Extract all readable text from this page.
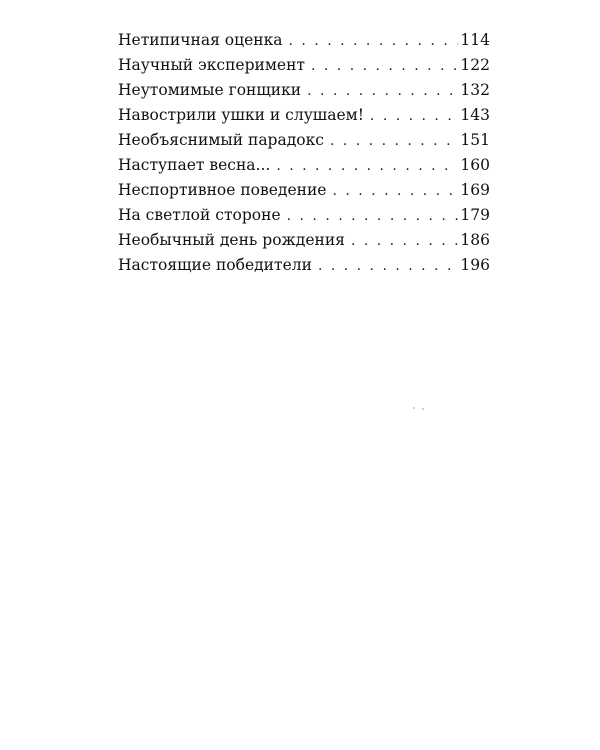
Нетипичная оценка . . .	114
Научный эксперимент . . .	122
Неутомимые гонщики . . .	132
Навострили ушки и слушаем! . . .	143
Необъяснимый парадокс . . .	151
Наступает весна... . . .	160
Неспортивное поведение . . .	169
На светлой стороне . . .	179
Необычный день рождения . . .	186
Настоящие победители . . .	196
